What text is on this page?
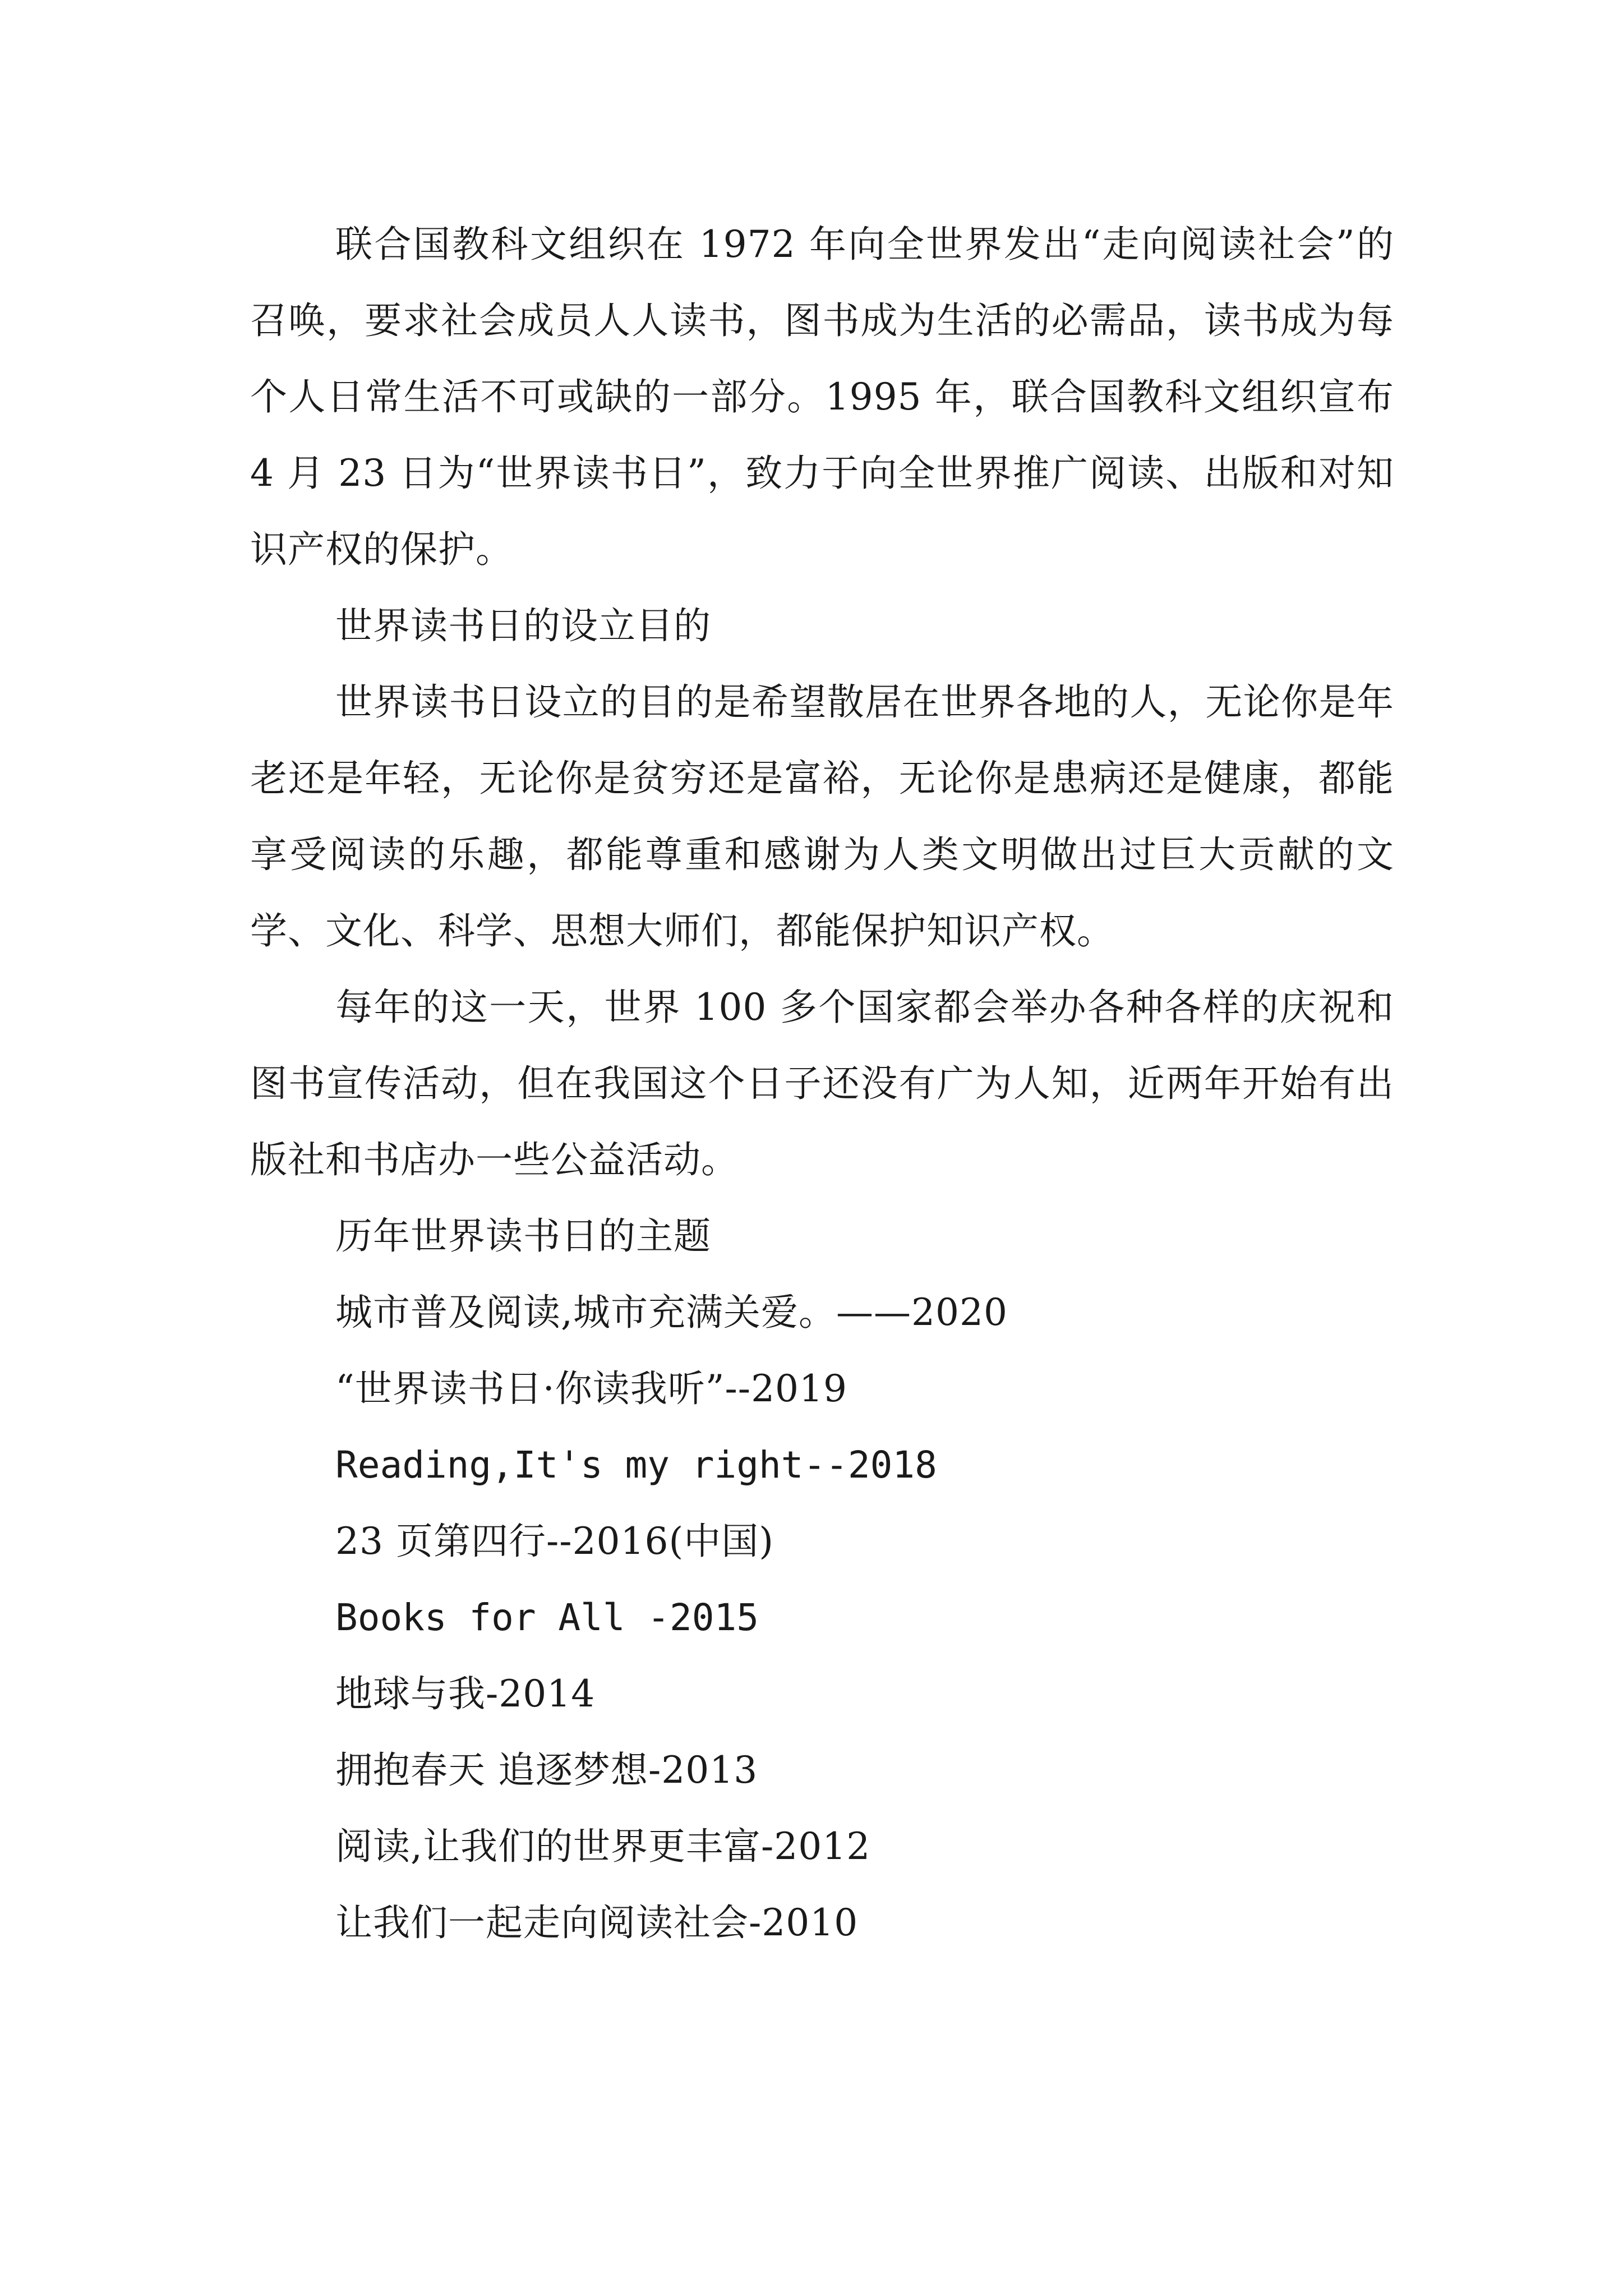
联合国教科文组织在 1972 年向全世界发出“走向阅读社会”的召唤，要求社会成员人人读书，图书成为生活的必需品，读书成为每个人日常生活不可或缺的一部分。1995 年，联合国教科文组织宣布 4 月 23 日为“世界读书日”，致力于向全世界推广阅读、出版和对知识产权的保护。

世界读书日的设立目的

世界读书日设立的目的是希望散居在世界各地的人，无论你是年老还是年轻，无论你是贫穷还是富裕，无论你是患病还是健康，都能享受阅读的乐趣，都能尊重和感谢为人类文明做出过巨大贡献的文学、文化、科学、思想大师们，都能保护知识产权。

每年的这一天，世界 100 多个国家都会举办各种各样的庆祝和图书宣传活动，但在我国这个日子还没有广为人知，近两年开始有出版社和书店办一些公益活动。

历年世界读书日的主题

城市普及阅读,城市充满关爱。——2020
“世界读书日·你读我听”--2019
Reading,It's my right--2018
23 页第四行--2016(中国)
Books for All -2015
地球与我-2014
拥抱春天 追逐梦想-2013
阅读,让我们的世界更丰富-2012
让我们一起走向阅读社会-2010
